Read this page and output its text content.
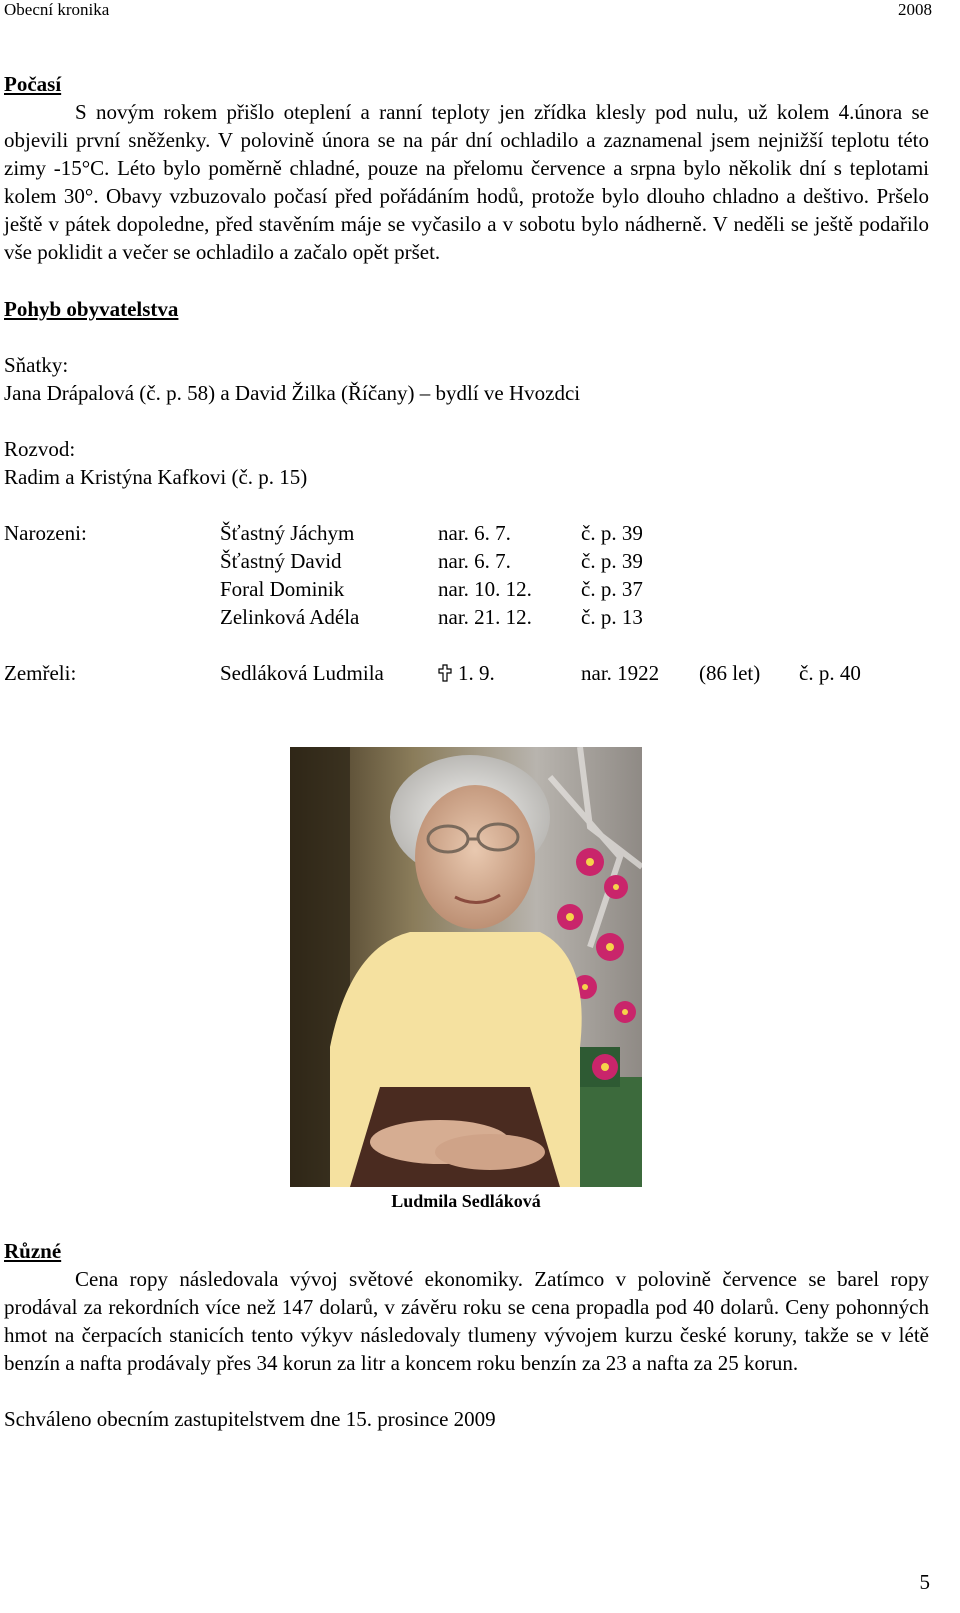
Obecní kronika	2008
Počasí

S novým rokem přišlo oteplení a ranní teploty jen zřídka klesly pod nulu, už kolem 4.února se objevili první sněženky. V polovině února se na pár dní ochladilo a zaznamenal jsem nejnižší teplotu této zimy -15°C. Léto bylo poměrně chladné, pouze na přelomu července a srpna bylo několik dní s teplotami kolem 30°. Obavy vzbuzovalo počasí před pořádáním hodů, protože bylo dlouho chladno a deštivo. Pršelo ještě v pátek dopoledne, před stavěním máje se vyčasilo a v sobotu bylo nádherně. V neděli se ještě podařilo vše poklidit a večer se ochladilo a začalo opět pršet.

Pohyb obyvatelstva
Sňatky:
Jana Drápalová (č. p. 58) a David Žilka (Říčany) – bydlí ve Hvozdci
Rozvod:
Radim a Kristýna Kafkovi (č. p. 15)
Narozeni:	Šťastný Jáchym	nar. 6. 7.	č. p. 39
Šťastný David	nar. 6. 7.	č. p. 39
Foral Dominik	nar. 10. 12. č. p. 37
Zelinková Adéla	nar. 21. 12. č. p. 13
Zemřeli:	Sedláková Ludmila	1. 9.	nar. 1922 (86 let) č. p. 40
Ludmila Sedláková
Různé

Cena ropy následovala vývoj světové ekonomiky. Zatímco v polovině července se barel ropy prodával za rekordních více než 147 dolarů, v závěru roku se cena propadla pod 40 dolarů. Ceny pohonných hmot na čerpacích stanicích tento výkyv následovaly tlumeny vývojem kurzu české koruny, takže se v létě benzín a nafta prodávaly přes 34 korun za litr a koncem roku benzín za 23 a nafta za 25 korun.

Schváleno obecním zastupitelstvem dne 15. prosince 2009
5
